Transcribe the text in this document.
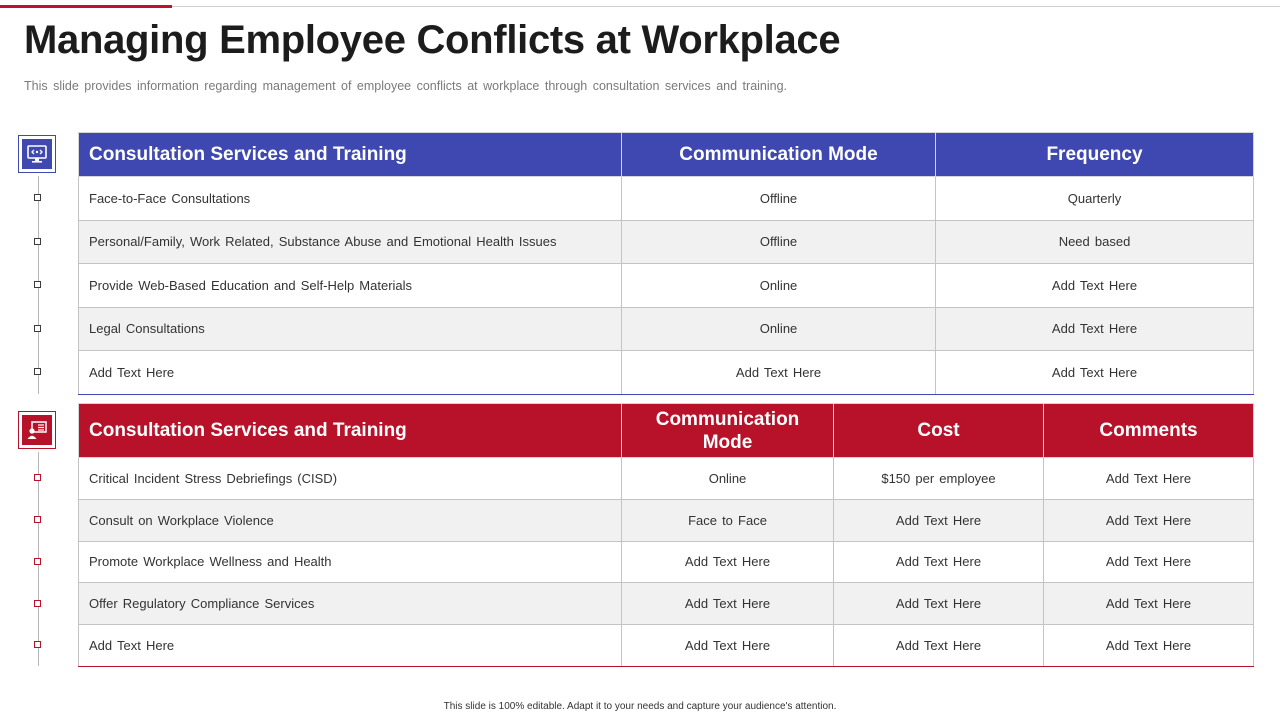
Managing Employee Conflicts at Workplace

This slide provides information regarding management of employee conflicts at workplace through consultation services and training.

Consultation Services and Training	Communication Mode	Frequency
Face-to-Face Consultations	Offline	Quarterly
Personal/Family, Work Related, Substance Abuse and Emotional Health Issues	Offline	Need based
Provide Web-Based Education and Self-Help Materials	Online	Add Text Here
Legal Consultations	Online	Add Text Here
Add Text Here	Add Text Here	Add Text Here
Consultation Services and Training	Communication Mode	Cost	Comments
Critical Incident Stress Debriefings (CISD)	Online	$150 per employee	Add Text Here
Consult on Workplace Violence	Face to Face	Add Text Here	Add Text Here
Promote Workplace Wellness and Health	Add Text Here	Add Text Here	Add Text Here
Offer Regulatory Compliance Services	Add Text Here	Add Text Here	Add Text Here
Add Text Here	Add Text Here	Add Text Here	Add Text Here

This slide is 100% editable. Adapt it to your needs and capture your audience's attention.
